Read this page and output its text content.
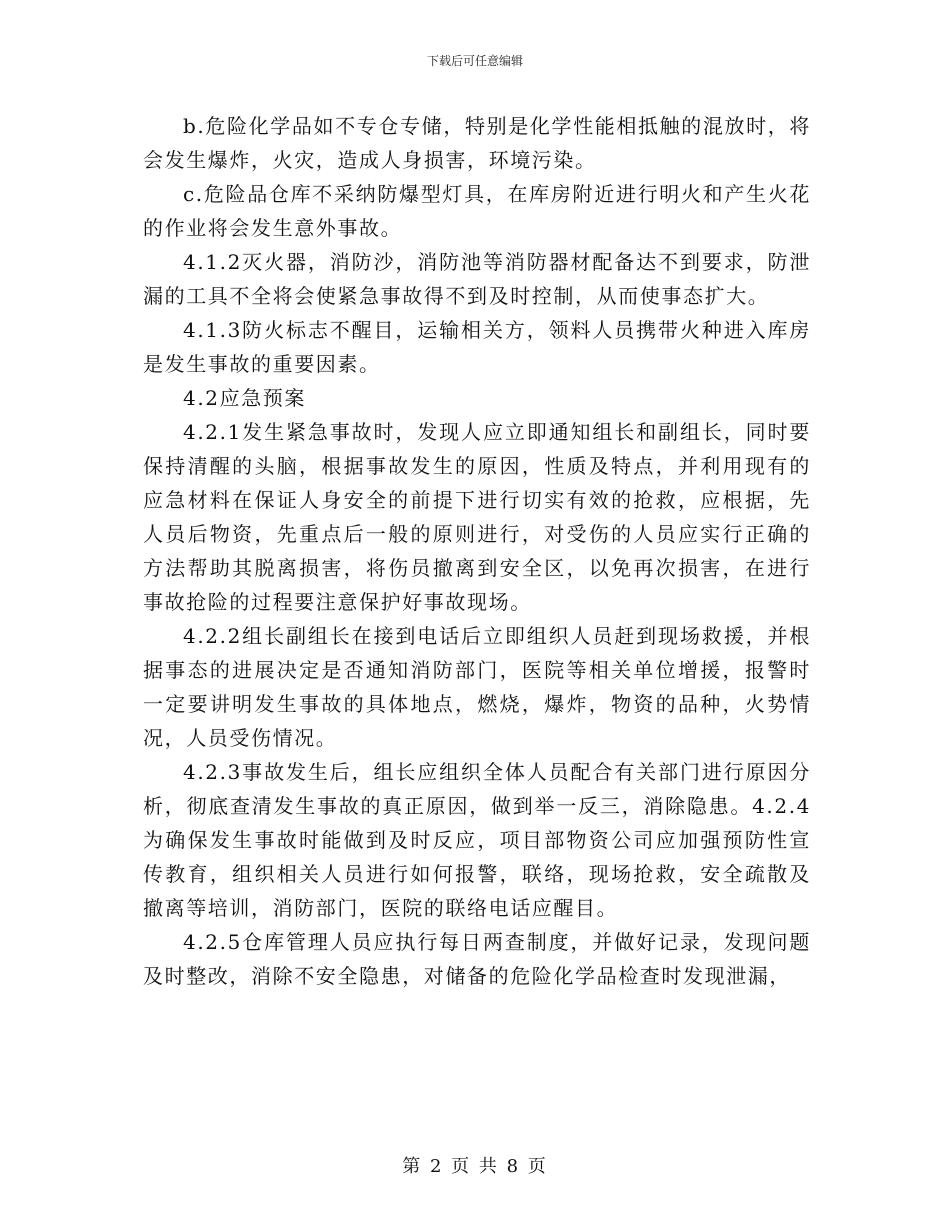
下载后可任意编辑

b.危险化学品如不专仓专储，特别是化学性能相抵触的混放时，将会发生爆炸，火灾，造成人身损害，环境污染。

c.危险品仓库不采纳防爆型灯具，在库房附近进行明火和产生火花的作业将会发生意外事故。

4.1.2灭火器，消防沙，消防池等消防器材配备达不到要求，防泄漏的工具不全将会使紧急事故得不到及时控制，从而使事态扩大。

4.1.3防火标志不醒目，运输相关方，领料人员携带火种进入库房是发生事故的重要因素。

4.2应急预案

4.2.1发生紧急事故时，发现人应立即通知组长和副组长，同时要保持清醒的头脑，根据事故发生的原因，性质及特点，并利用现有的应急材料在保证人身安全的前提下进行切实有效的抢救，应根据，先人员后物资，先重点后一般的原则进行，对受伤的人员应实行正确的方法帮助其脱离损害，将伤员撤离到安全区，以免再次损害，在进行事故抢险的过程要注意保护好事故现场。

4.2.2组长副组长在接到电话后立即组织人员赶到现场救援，并根据事态的进展决定是否通知消防部门，医院等相关单位增援，报警时一定要讲明发生事故的具体地点，燃烧，爆炸，物资的品种，火势情况，人员受伤情况。

4.2.3事故发生后，组长应组织全体人员配合有关部门进行原因分析，彻底查清发生事故的真正原因，做到举一反三，消除隐患。4.2.4为确保发生事故时能做到及时反应，项目部物资公司应加强预防性宣传教育，组织相关人员进行如何报警，联络，现场抢救，安全疏散及撤离等培训，消防部门，医院的联络电话应醒目。

4.2.5仓库管理人员应执行每日两查制度，并做好记录，发现问题及时整改，消除不安全隐患，对储备的危险化学品检查时发现泄漏，

第 2 页 共 8 页
